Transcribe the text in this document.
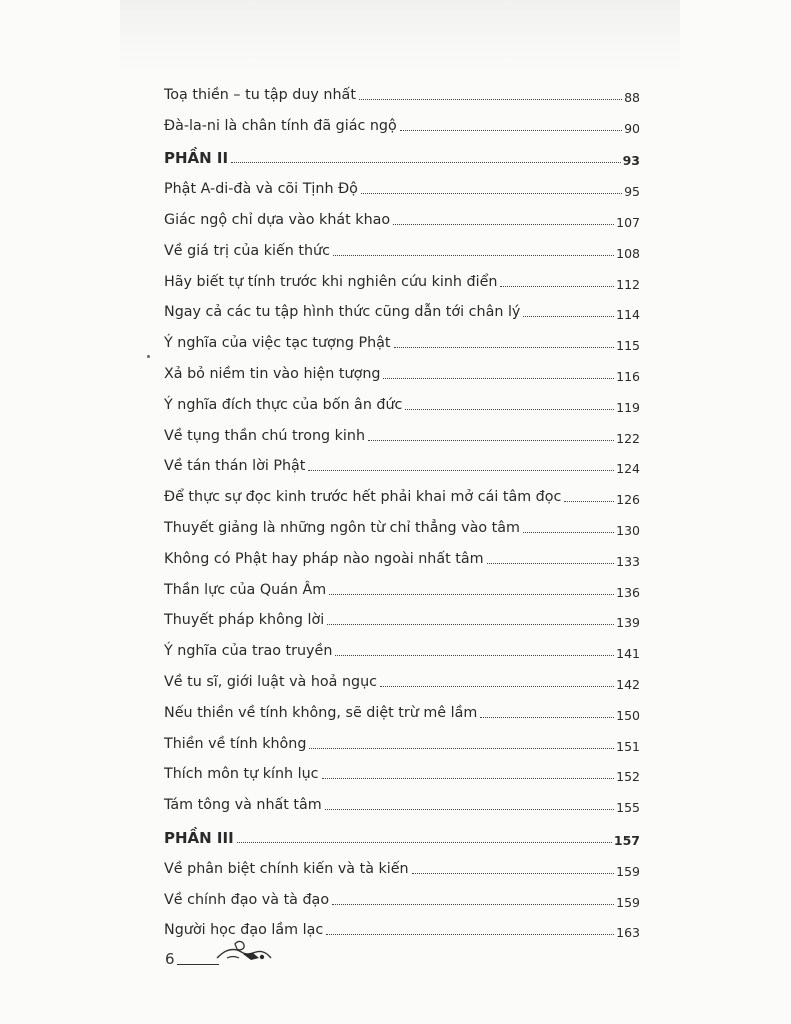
Toạ thiền – tu tập duy nhất	88
Đà-la-ni là chân tính đã giác ngộ	90
PHẦN II	93
Phật A-di-đà và cõi Tịnh Độ	95
Giác ngộ chỉ dựa vào khát khao	107
Về giá trị của kiến thức	108
Hãy biết tự tính trước khi nghiên cứu kinh điển	112
Ngay cả các tu tập hình thức cũng dẫn tới chân lý	114
Ý nghĩa của việc tạc tượng Phật	115
Xả bỏ niềm tin vào hiện tượng	116
Ý nghĩa đích thực của bốn ân đức	119
Về tụng thần chú trong kinh	122
Về tán thán lời Phật	124
Để thực sự đọc kinh trước hết phải khai mở cái tâm đọc	126
Thuyết giảng là những ngôn từ chỉ thẳng vào tâm	130
Không có Phật hay pháp nào ngoài nhất tâm	133
Thần lực của Quán Âm	136
Thuyết pháp không lời	139
Ý nghĩa của trao truyền	141
Về tu sĩ, giới luật và hoả ngục	142
Nếu thiền về tính không, sẽ diệt trừ mê lầm	150
Thiền về tính không	151
Thích môn tự kính lục	152
Tám tông và nhất tâm	155
PHẦN III	157
Về phân biệt chính kiến và tà kiến	159
Về chính đạo và tà đạo	159
Người học đạo lầm lạc	163
6
